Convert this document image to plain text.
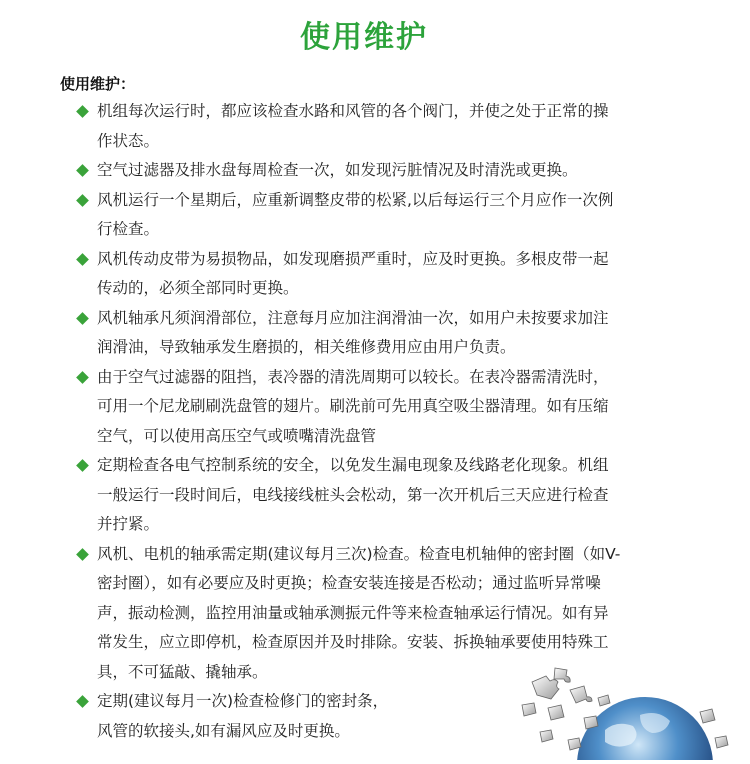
使用维护
使用维护：
机组每次运行时，都应该检查水路和风管的各个阀门，并使之处于正常的操
作状态。
空气过滤器及排水盘每周检查一次，如发现污脏情况及时清洗或更换。
风机运行一个星期后，应重新调整皮带的松紧,以后每运行三个月应作一次例
行检查。
风机传动皮带为易损物品，如发现磨损严重时，应及时更换。多根皮带一起
传动的，必须全部同时更换。
风机轴承凡须润滑部位，注意每月应加注润滑油一次，如用户未按要求加注
润滑油，导致轴承发生磨损的，相关维修费用应由用户负责。
由于空气过滤器的阻挡，表冷器的清洗周期可以较长。在表冷器需清洗时，
可用一个尼龙刷刷洗盘管的翅片。刷洗前可先用真空吸尘器清理。如有压缩
空气，可以使用高压空气或喷嘴清洗盘管
定期检查各电气控制系统的安全，以免发生漏电现象及线路老化现象。机组
一般运行一段时间后，电线接线桩头会松动，第一次开机后三天应进行检查
并拧紧。
风机、电机的轴承需定期(建议每月三次)检查。检查电机轴伸的密封圈（如V-
密封圈），如有必要应及时更换；检查安装连接是否松动；通过监听异常噪
声，振动检测，监控用油量或轴承测振元件等来检查轴承运行情况。如有异
常发生，应立即停机，检查原因并及时排除。安装、拆换轴承要使用特殊工
具，不可猛敲、撬轴承。
定期(建议每月一次)检查检修门的密封条，
风管的软接头,如有漏风应及时更换。
